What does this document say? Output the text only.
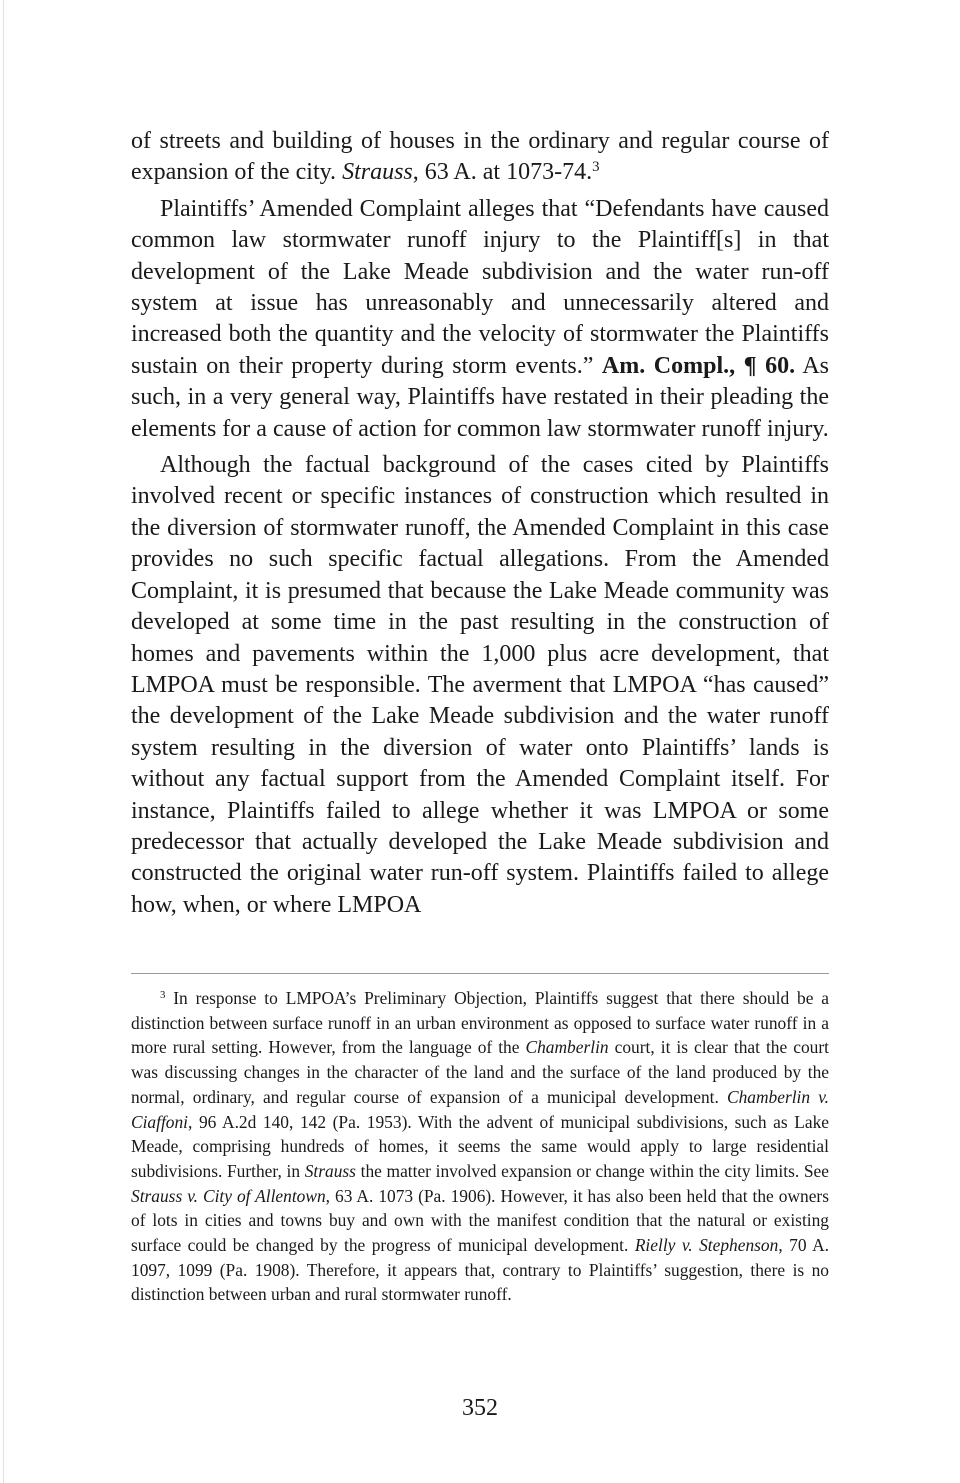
of streets and building of houses in the ordinary and regular course of expansion of the city. Strauss, 63 A. at 1073-74.$^3$

Plaintiffs’ Amended Complaint alleges that “Defendants have caused common law stormwater runoff injury to the Plaintiff[s] in that development of the Lake Meade subdivision and the water run-off system at issue has unreasonably and unnecessarily altered and increased both the quantity and the velocity of stormwater the Plaintiffs sustain on their property during storm events.” Am. Compl., ¶ 60. As such, in a very general way, Plaintiffs have restated in their pleading the elements for a cause of action for common law stormwater runoff injury.

Although the factual background of the cases cited by Plaintiffs involved recent or specific instances of construction which resulted in the diversion of stormwater runoff, the Amended Complaint in this case provides no such specific factual allegations. From the Amended Complaint, it is presumed that because the Lake Meade community was developed at some time in the past resulting in the construction of homes and pavements within the 1,000 plus acre development, that LMPOA must be responsible. The averment that LMPOA “has caused” the development of the Lake Meade subdivision and the water runoff system resulting in the diversion of water onto Plaintiffs’ lands is without any factual support from the Amended Complaint itself. For instance, Plaintiffs failed to allege whether it was LMPOA or some predecessor that actually developed the Lake Meade subdivision and constructed the original water run-off system. Plaintiffs failed to allege how, when, or where LMPOA

$^3$ In response to LMPOA’s Preliminary Objection, Plaintiffs suggest that there should be a distinction between surface runoff in an urban environment as opposed to surface water runoff in a more rural setting. However, from the language of the Chamberlin court, it is clear that the court was discussing changes in the character of the land and the surface of the land produced by the normal, ordinary, and regular course of expansion of a municipal development. Chamberlin v. Ciaffoni, 96 A.2d 140, 142 (Pa. 1953). With the advent of municipal subdivisions, such as Lake Meade, comprising hundreds of homes, it seems the same would apply to large residential subdivisions. Further, in Strauss the matter involved expansion or change within the city limits. See Strauss v. City of Allentown, 63 A. 1073 (Pa. 1906). However, it has also been held that the owners of lots in cities and towns buy and own with the manifest condition that the natural or existing surface could be changed by the progress of municipal development. Rielly v. Stephenson, 70 A. 1097, 1099 (Pa. 1908). Therefore, it appears that, contrary to Plaintiffs’ suggestion, there is no distinction between urban and rural stormwater runoff.

352
